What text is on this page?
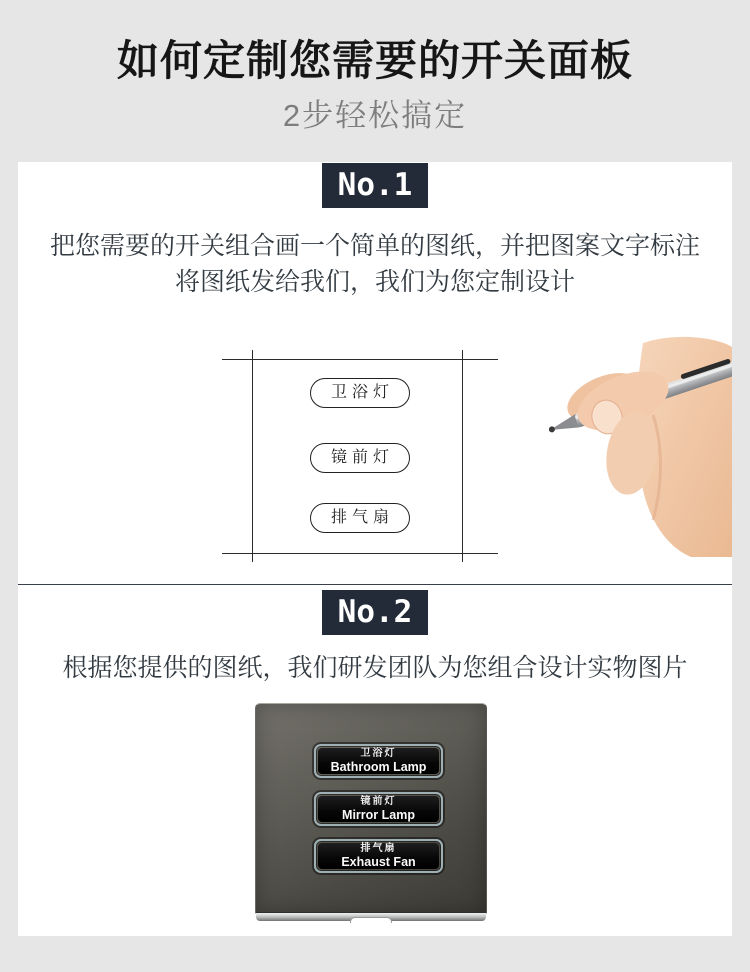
如何定制您需要的开关面板
2步轻松搞定
No.1
把您需要的开关组合画一个简单的图纸，并把图案文字标注
将图纸发给我们，我们为您定制设计
卫浴灯
镜前灯
排气扇
No.2
根据您提供的图纸，我们研发团队为您组合设计实物图片
卫浴灯
Bathroom Lamp
镜前灯
Mirror Lamp
排气扇
Exhaust Fan
